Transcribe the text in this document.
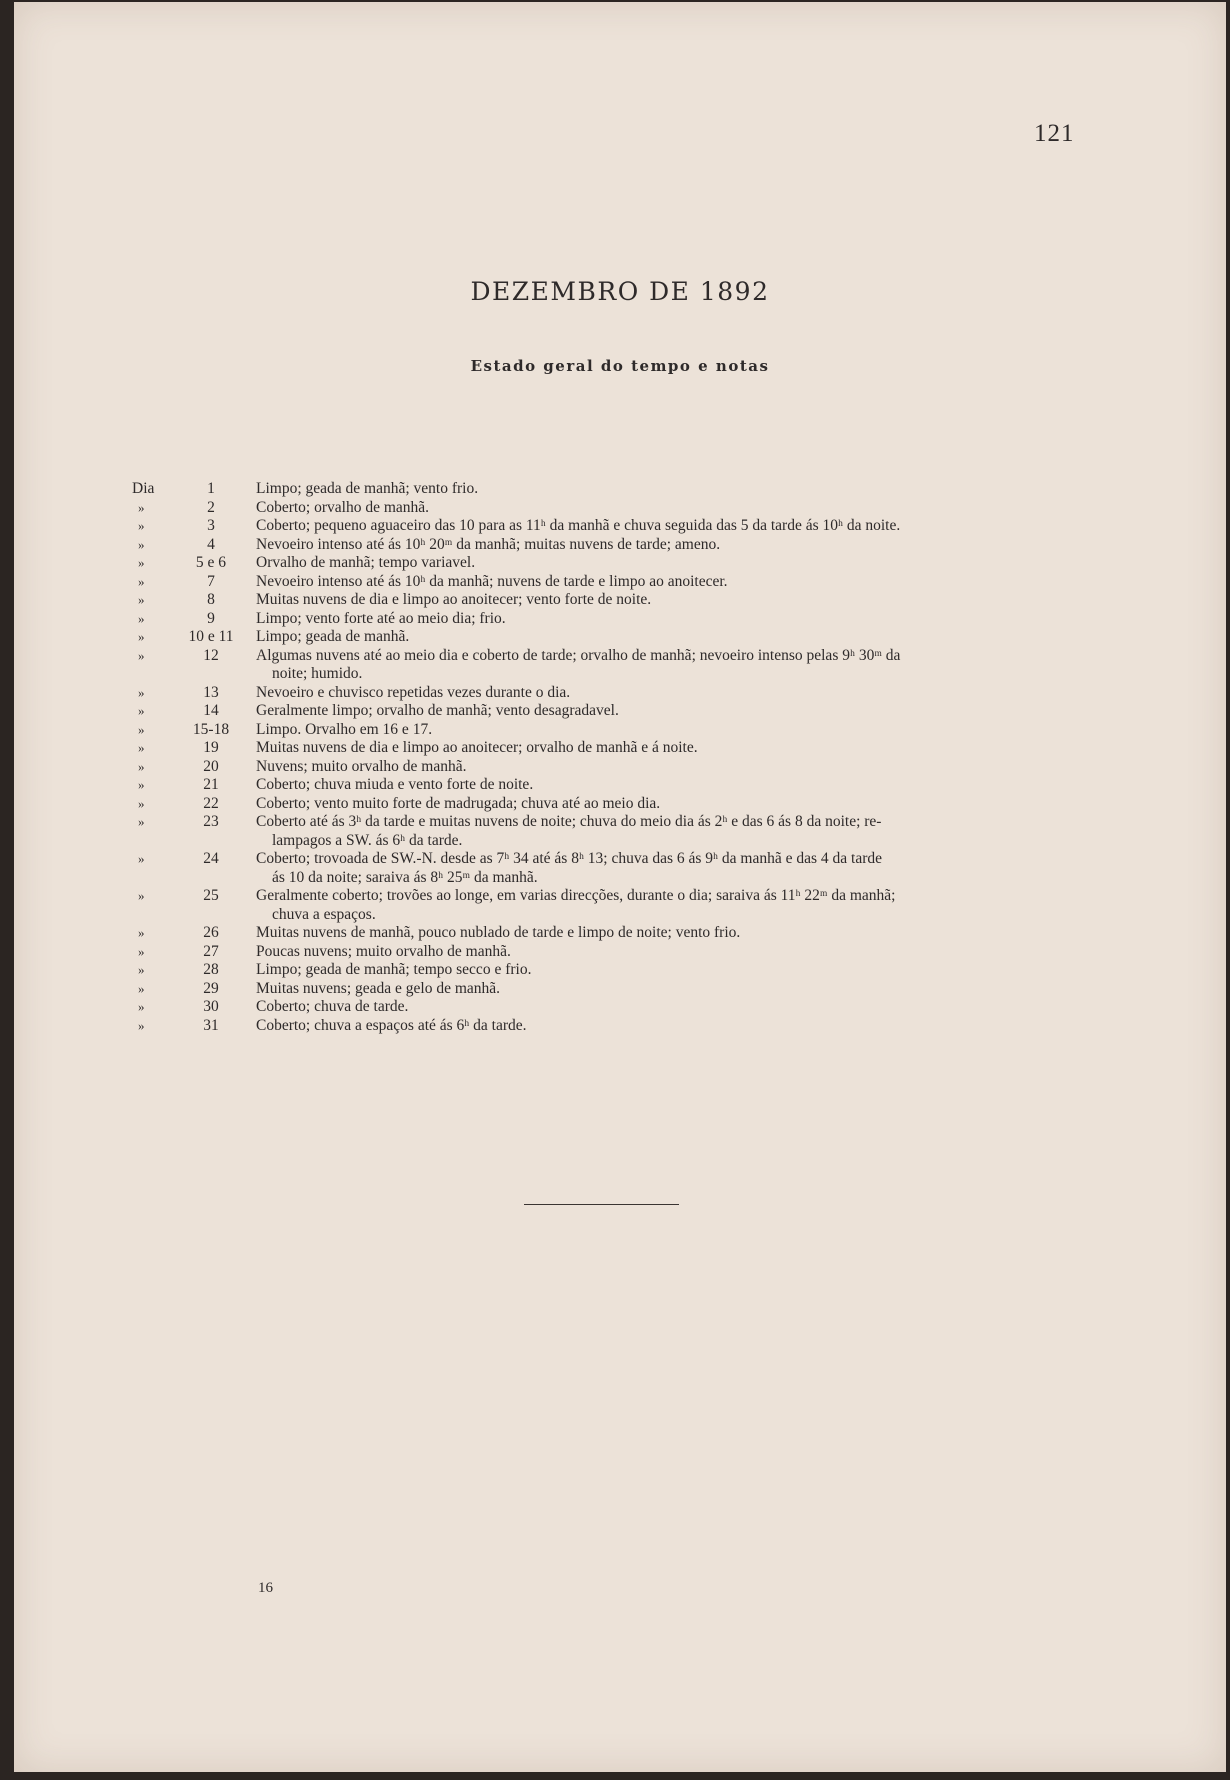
121
DEZEMBRO DE 1892
Estado geral do tempo e notas
Dia	1	Limpo; geada de manhã; vento frio.
»	2	Coberto; orvalho de manhã.
»	3	Coberto; pequeno aguaceiro das 10 para as 11ʰ da manhã e chuva seguida das 5 da tarde ás 10ʰ da noite.
»	4	Nevoeiro intenso até ás 10ʰ 20ᵐ da manhã; muitas nuvens de tarde; ameno.
»	5 e 6	Orvalho de manhã; tempo variavel.
»	7	Nevoeiro intenso até ás 10ʰ da manhã; nuvens de tarde e limpo ao anoitecer.
»	8	Muitas nuvens de dia e limpo ao anoitecer; vento forte de noite.
»	9	Limpo; vento forte até ao meio dia; frio.
»	10 e 11	Limpo; geada de manhã.
»	12	Algumas nuvens até ao meio dia e coberto de tarde; orvalho de manhã; nevoeiro intenso pelas 9ʰ 30ᵐ da
noite; humido.
»	13	Nevoeiro e chuvisco repetidas vezes durante o dia.
»	14	Geralmente limpo; orvalho de manhã; vento desagradavel.
»	15-18	Limpo. Orvalho em 16 e 17.
»	19	Muitas nuvens de dia e limpo ao anoitecer; orvalho de manhã e á noite.
»	20	Nuvens; muito orvalho de manhã.
»	21	Coberto; chuva miuda e vento forte de noite.
»	22	Coberto; vento muito forte de madrugada; chuva até ao meio dia.
»	23	Coberto até ás 3ʰ da tarde e muitas nuvens de noite; chuva do meio dia ás 2ʰ e das 6 ás 8 da noite; re-
lampagos a SW. ás 6ʰ da tarde.
»	24	Coberto; trovoada de SW.-N. desde as 7ʰ 34 até ás 8ʰ 13; chuva das 6 ás 9ʰ da manhã e das 4 da tarde
ás 10 da noite; saraiva ás 8ʰ 25ᵐ da manhã.
»	25	Geralmente coberto; trovões ao longe, em varias direcções, durante o dia; saraiva ás 11ʰ 22ᵐ da manhã;
chuva a espaços.
»	26	Muitas nuvens de manhã, pouco nublado de tarde e limpo de noite; vento frio.
»	27	Poucas nuvens; muito orvalho de manhã.
»	28	Limpo; geada de manhã; tempo secco e frio.
»	29	Muitas nuvens; geada e gelo de manhã.
»	30	Coberto; chuva de tarde.
»	31	Coberto; chuva a espaços até ás 6ʰ da tarde.
16
